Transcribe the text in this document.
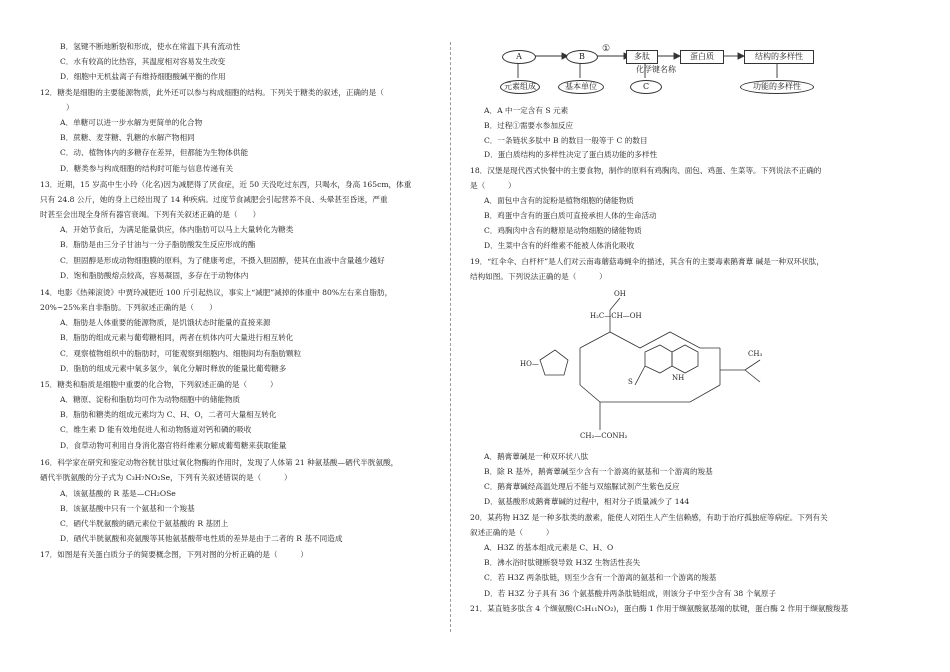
B．氢键不断地断裂和形成，使水在常温下具有流动性
C．水有较高的比热容，其温度相对容易发生改变
D．细胞中无机盐离子有维持细胞酸碱平衡的作用
12．糖类是细胞的主要能源物质，此外还可以参与构成细胞的结构。下列关于糖类的叙述，正确的是（
）
A．单糖可以进一步水解为更简单的化合物
B．蔗糖、麦芽糖、乳糖的水解产物相同
C．动、植物体内的多糖存在差异，但都能为生物体供能
D．糖类参与构成细胞的结构时可能与信息传递有关
13．近期，15 岁高中生小玲（化名)因为减肥得了厌食症，近 50 天没吃过东西，只喝水，身高 165cm，体重
只有 24.8 公斤，她的身上已经出现了 14 种疾病。过度节食减肥会引起营养不良、头晕甚至昏迷，严重
时甚至会出现全身所有器官衰竭。下列有关叙述正确的是（　　）
A．开始节食后，为满足能量供应，体内脂肪可以马上大量转化为糖类
B．脂肪是由三分子甘油与一分子脂肪酸发生反应形成的酯
C．胆固醇是形成动物细胞膜的原料，为了健康考虑，不摄入胆固醇，使其在血液中含量越少越好
D．饱和脂肪酸熔点较高，容易凝固，多存在于动物体内
14．电影《热辣滚烫》中贾玲减肥近 100 斤引起热议，事实上“减肥”减掉的体重中 80%左右来自脂肪，
20%~25%来自非脂肪。下列叙述正确的是（　　）
A．脂肪是人体重要的能源物质，是饥饿状态时能量的直接来源
B．脂肪的组成元素与葡萄糖相同，两者在机体内可大量进行相互转化
C．观察植物组织中的脂肪时，可能观察到细胞内、细胞间均有脂肪颗粒
D．脂肪的组成元素中氧多氢少，氧化分解时释放的能量比葡萄糖多
15．糖类和脂质是细胞中重要的化合物，下列叙述正确的是（　　　）
A．糖原、淀粉和脂肪均可作为动物细胞中的储能物质
B．脂肪和糖类的组成元素均为 C、H、O，二者可大量相互转化
C．维生素 D 能有效地促进人和动物肠道对钙和磷的吸收
D．食草动物可利用自身消化器官将纤维素分解成葡萄糖来获取能量
16．科学家在研究和鉴定动物谷胱甘肽过氧化物酶的作用时，发现了人体第 21 种氨基酸—硒代半胱氨酸，
硒代半胱氨酸的分子式为 C₃H₇NO₂Se，下列有关叙述错误的是（　　　）
A．该氨基酸的 R 基是—CH₂OSe
B．该氨基酸中只有一个氨基和一个羧基
C．硒代半胱氨酸的硒元素位于氨基酸的 R 基团上
D．硒代半胱氨酸和亮氨酸等其他氨基酸带电性质的差异是由于二者的 R 基不同造成
17．如图是有关蛋白质分子的简要概念图，下列对图的分析正确的是（　　　）
A．A 中一定含有 S 元素
B．过程①需要水参加反应
C．一条链状多肽中 B 的数目一般等于 C 的数目
D．蛋白质结构的多样性决定了蛋白质功能的多样性
18．汉堡是现代西式快餐中的主要食物，制作的原料有鸡胸肉、面包、鸡蛋、生菜等。下列说法不正确的
是（　　　）
A．面包中含有的淀粉是植物细胞的储能物质
B．鸡蛋中含有的蛋白质可直接承担人体的生命活动
C．鸡胸肉中含有的糖原是动物细胞的储能物质
D．生菜中含有的纤维素不能被人体消化吸收
19．“红伞伞、白杆杆”是人们对云南毒蘑菇毒蝇伞的描述，其含有的主要毒素鹅膏蕈 碱是一种双环状肽，
结构如图。下列说法正确的是（　　　）
A．鹅膏蕈碱是一种双环状八肽
B．除 R 基外，鹅膏蕈碱至少含有一个游离的氨基和一个游离的羧基
C．鹅膏蕈碱经高温处理后不能与双缩脲试剂产生紫色反应
D．氨基酸形成鹅膏蕈碱的过程中，相对分子质量减少了 144
20．某药物 H3Z 是一种多肽类的激素，能使人对陌生人产生信赖感，有助于治疗孤独症等病症。下列有关
叙述正确的是（　　　）
A．H3Z 的基本组成元素是 C、H、O
B．沸水浴时肽键断裂导致 H3Z 生物活性丧失
C．若 H3Z 两条肽链，则至少含有一个游离的氨基和一个游离的羧基
D．若 H3Z 分子具有 36 个氨基酸并两条肽链组成，则该分子中至少含有 38 个氧原子
21．某直链多肽含 4 个缬氨酸(C₅H₁₁NO₂)，蛋白酶 1 作用于缬氨酸氨基端的肽键，蛋白酶 2 作用于缬氨酸羧基
A	B
①
多肽	蛋白质	结构的多样性
化学键名称
元素组成	基本单位	C	功能的多样性
OH
H₂C—CH—OH
HO—
NH
S
CH₂—CONH₂
CH₃
